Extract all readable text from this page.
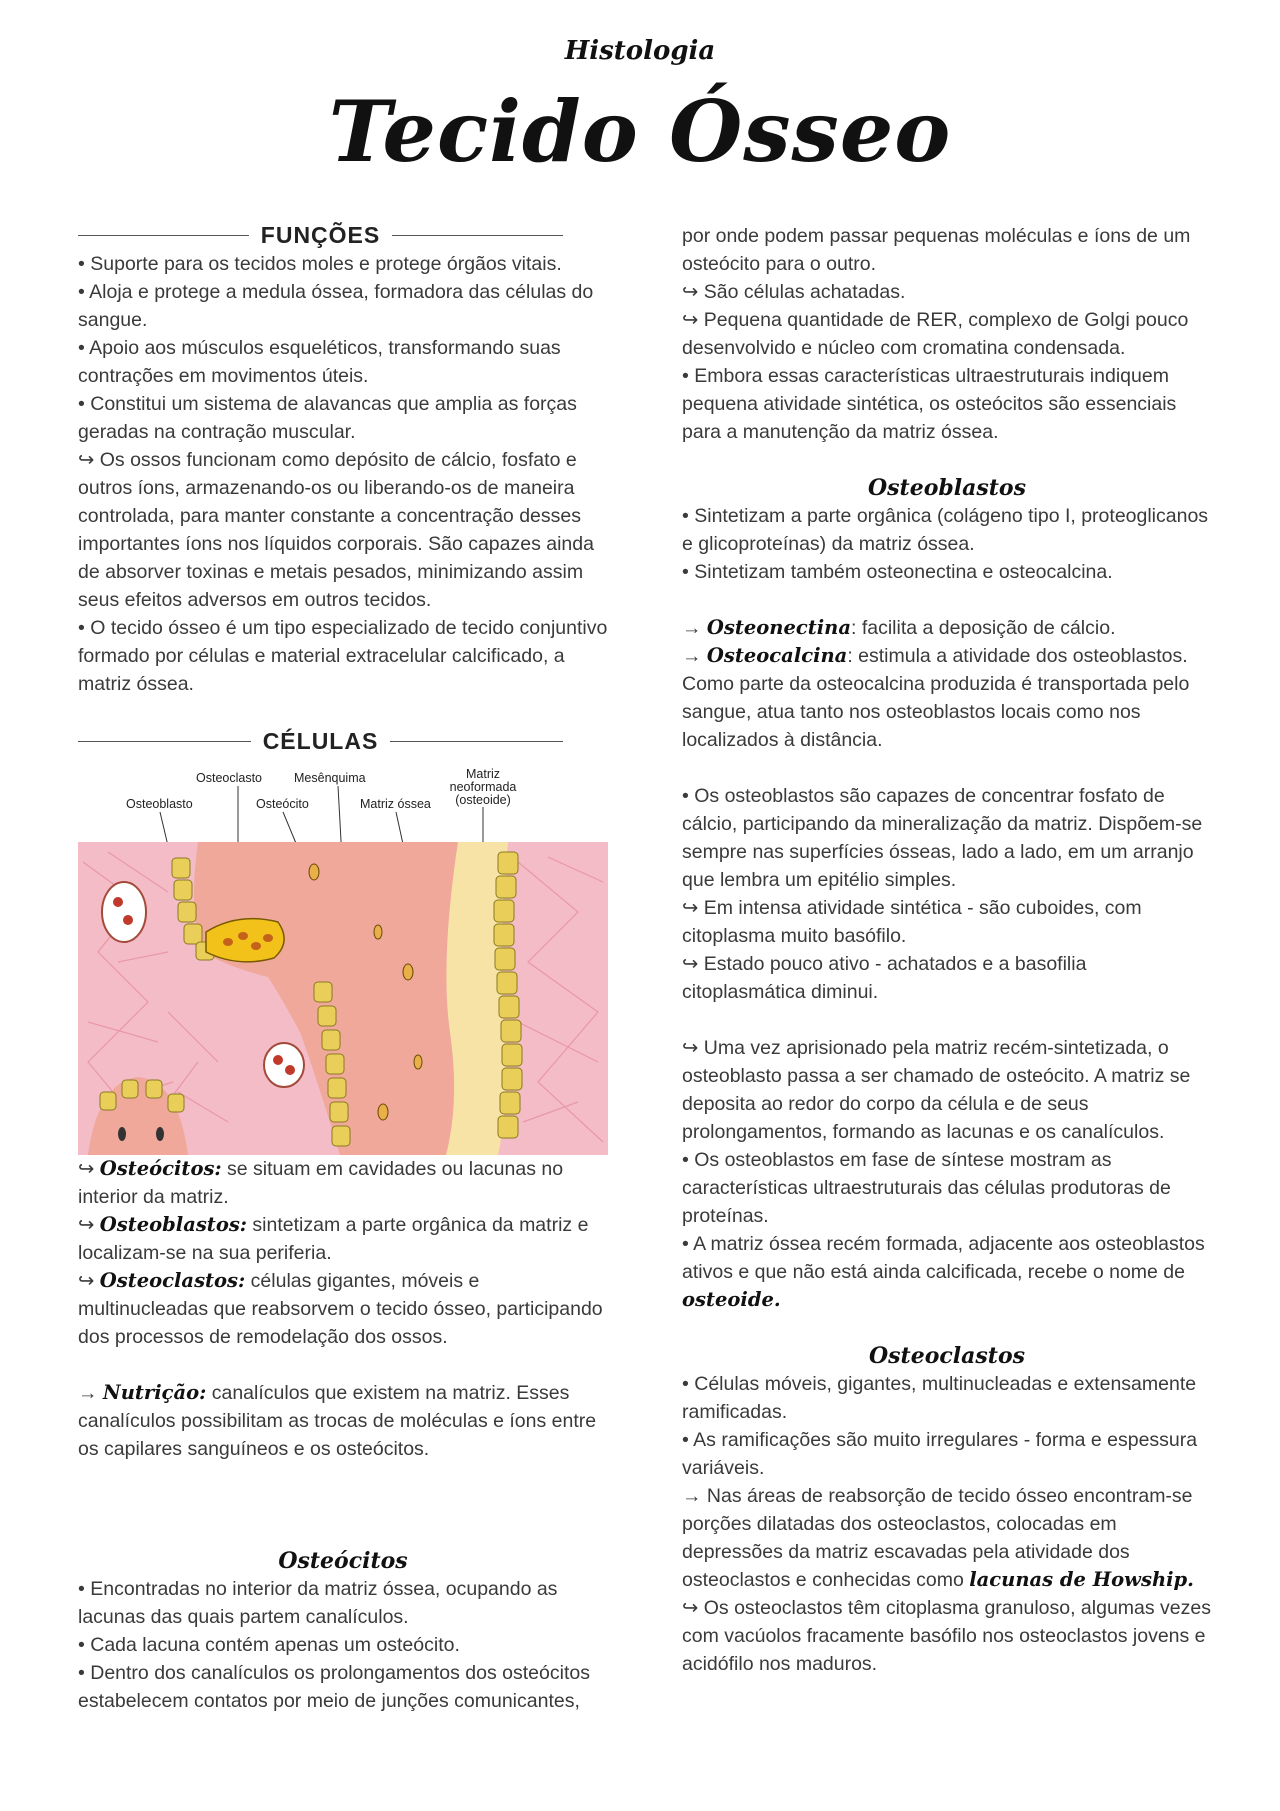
Histologia
Tecido Ósseo
FUNÇÕES

• Suporte para os tecidos moles e protege órgãos vitais.

• Aloja e protege a medula óssea, formadora das células do sangue.

• Apoio aos músculos esqueléticos, transformando suas contrações em movimentos úteis.

• Constitui um sistema de alavancas que amplia as forças geradas na contração muscular.

↪ Os ossos funcionam como depósito de cálcio, fosfato e outros íons, armazenando-os ou liberando-os de maneira controlada, para manter constante a concentração desses importantes íons nos líquidos corporais. São capazes ainda de absorver toxinas e metais pesados, minimizando assim seus efeitos adversos em outros tecidos.

• O tecido ósseo é um tipo especializado de tecido conjuntivo formado por células e material extracelular calcificado, a matriz óssea.

CÉLULAS
Osteoclasto	Mesênquima	Matriz neoformada (osteoide)
Osteoblasto	Osteócito	Matriz óssea

↪ Osteócitos: se situam em cavidades ou lacunas no interior da matriz.

↪ Osteoblastos: sintetizam a parte orgânica da matriz e localizam-se na sua periferia.

↪ Osteoclastos: células gigantes, móveis e multinucleadas que reabsorvem o tecido ósseo, participando dos processos de remodelação dos ossos.

→ Nutrição: canalículos que existem na matriz. Esses canalículos possibilitam as trocas de moléculas e íons entre os capilares sanguíneos e os osteócitos.

Osteócitos

• Encontradas no interior da matriz óssea, ocupando as lacunas das quais partem canalículos.

• Cada lacuna contém apenas um osteócito.

• Dentro dos canalículos os prolongamentos dos osteócitos estabelecem contatos por meio de junções comunicantes,

por onde podem passar pequenas moléculas e íons de um osteócito para o outro.

↪ São células achatadas.

↪ Pequena quantidade de RER, complexo de Golgi pouco desenvolvido e núcleo com cromatina condensada.

• Embora essas características ultraestruturais indiquem pequena atividade sintética, os osteócitos são essenciais para a manutenção da matriz óssea.

Osteoblastos

• Sintetizam a parte orgânica (colágeno tipo I, proteoglicanos e glicoproteínas) da matriz óssea.

• Sintetizam também osteonectina e osteocalcina.

→ Osteonectina: facilita a deposição de cálcio.

→ Osteocalcina: estimula a atividade dos osteoblastos. Como parte da osteocalcina produzida é transportada pelo sangue, atua tanto nos osteoblastos locais como nos localizados à distância.

• Os osteoblastos são capazes de concentrar fosfato de cálcio, participando da mineralização da matriz. Dispõem-se sempre nas superfícies ósseas, lado a lado, em um arranjo que lembra um epitélio simples.

↪ Em intensa atividade sintética - são cuboides, com citoplasma muito basófilo.

↪ Estado pouco ativo - achatados e a basofilia citoplasmática diminui.

↪ Uma vez aprisionado pela matriz recém-sintetizada, o osteoblasto passa a ser chamado de osteócito. A matriz se deposita ao redor do corpo da célula e de seus prolongamentos, formando as lacunas e os canalículos.

• Os osteoblastos em fase de síntese mostram as características ultraestruturais das células produtoras de proteínas.

• A matriz óssea recém formada, adjacente aos osteoblastos ativos e que não está ainda calcificada, recebe o nome de osteoide.

Osteoclastos

• Células móveis, gigantes, multinucleadas e extensamente ramificadas.

• As ramificações são muito irregulares - forma e espessura variáveis.

→ Nas áreas de reabsorção de tecido ósseo encontram-se porções dilatadas dos osteoclastos, colocadas em depressões da matriz escavadas pela atividade dos osteoclastos e conhecidas como lacunas de Howship.

↪ Os osteoclastos têm citoplasma granuloso, algumas vezes com vacúolos fracamente basófilo nos osteoclastos jovens e acidófilo nos maduros.
